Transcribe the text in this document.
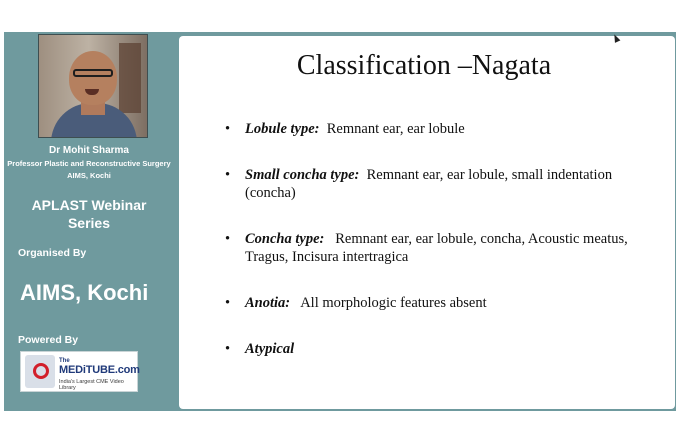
Dr Mohit Sharma
Professor Plastic and Reconstructive Surgery
AIMS, Kochi
APLAST Webinar
Series
Organised By
AIMS, Kochi
Powered By
The
MEDiTUBE.com
India's Largest CME Video Library
Classification –Nagata
• Lobule type:  Remnant ear, ear lobule
• Small concha type:  Remnant ear, ear lobule, small indentation (concha)
• Concha type:   Remnant ear, ear lobule, concha, Acoustic meatus, Tragus, Incisura intertragica
• Anotia:   All morphologic features absent
• Atypical
